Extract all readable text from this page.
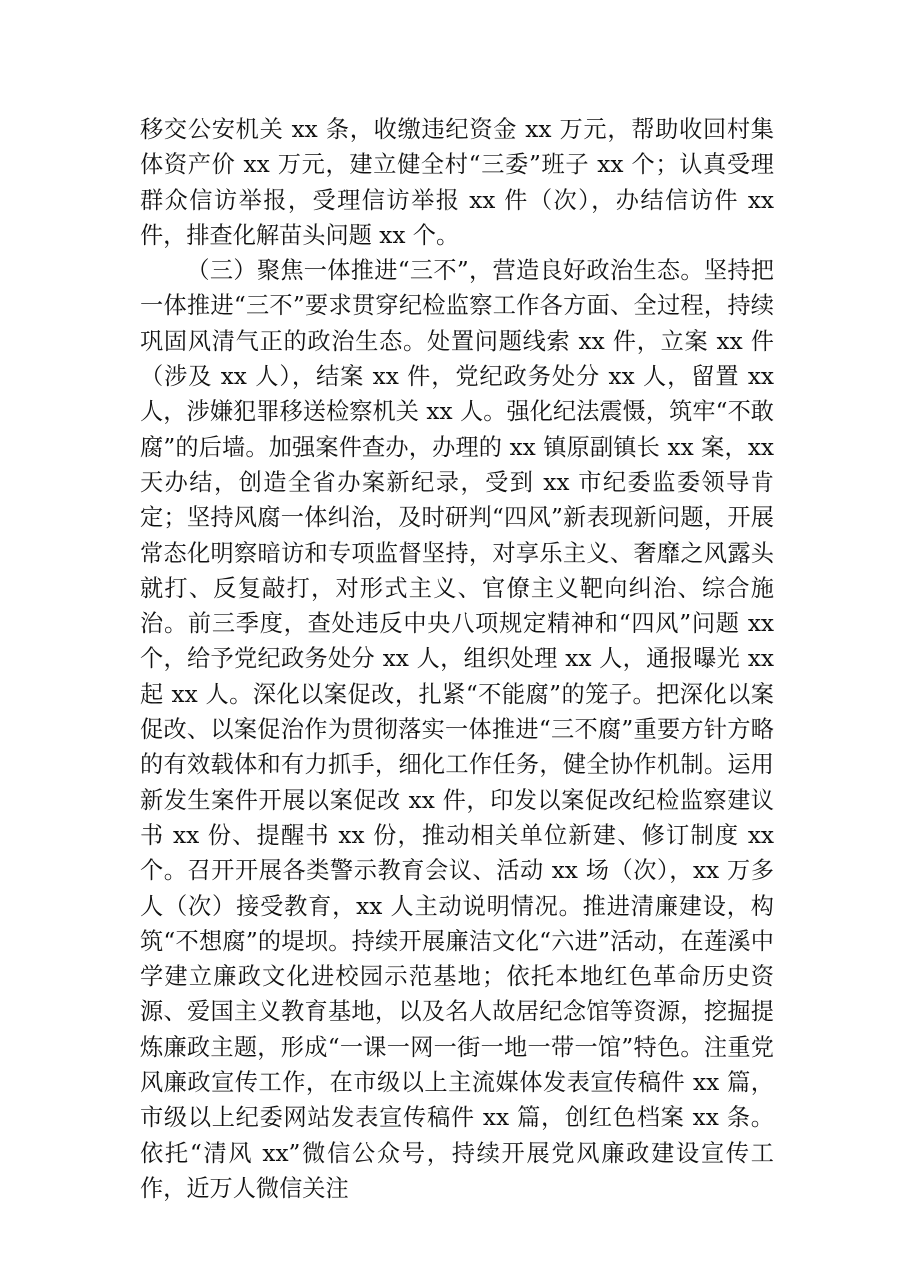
移交公安机关 xx 条，收缴违纪资金 xx 万元，帮助收回村集体资产价 xx 万元，建立健全村“三委”班子 xx 个；认真受理群众信访举报，受理信访举报 xx 件（次），办结信访件 xx 件，排查化解苗头问题 xx 个。

（三）聚焦一体推进“三不”，营造良好政治生态。坚持把一体推进“三不”要求贯穿纪检监察工作各方面、全过程，持续巩固风清气正的政治生态。处置问题线索 xx 件，立案 xx 件（涉及 xx 人），结案 xx 件，党纪政务处分 xx 人，留置 xx 人，涉嫌犯罪移送检察机关 xx 人。强化纪法震慑，筑牢“不敢腐”的后墙。加强案件查办，办理的 xx 镇原副镇长 xx 案，xx 天办结，创造全省办案新纪录，受到 xx 市纪委监委领导肯定；坚持风腐一体纠治，及时研判“四风”新表现新问题，开展常态化明察暗访和专项监督坚持，对享乐主义、奢靡之风露头就打、反复敲打，对形式主义、官僚主义靶向纠治、综合施治。前三季度，查处违反中央八项规定精神和“四风”问题 xx 个，给予党纪政务处分 xx 人，组织处理 xx 人，通报曝光 xx 起 xx 人。深化以案促改，扎紧“不能腐”的笼子。把深化以案促改、以案促治作为贯彻落实一体推进“三不腐”重要方针方略的有效载体和有力抓手，细化工作任务，健全协作机制。运用新发生案件开展以案促改 xx 件，印发以案促改纪检监察建议书 xx 份、提醒书 xx 份，推动相关单位新建、修订制度 xx 个。召开开展各类警示教育会议、活动 xx 场（次），xx 万多人（次）接受教育，xx 人主动说明情况。推进清廉建设，构筑“不想腐”的堤坝。持续开展廉洁文化“六进”活动，在莲溪中学建立廉政文化进校园示范基地；依托本地红色革命历史资源、爱国主义教育基地，以及名人故居纪念馆等资源，挖掘提炼廉政主题，形成“一课一网一街一地一带一馆”特色。注重党风廉政宣传工作，在市级以上主流媒体发表宣传稿件 xx 篇，市级以上纪委网站发表宣传稿件 xx 篇，创红色档案 xx 条。依托“清风 xx”微信公众号，持续开展党风廉政建设宣传工作，近万人微信关注
